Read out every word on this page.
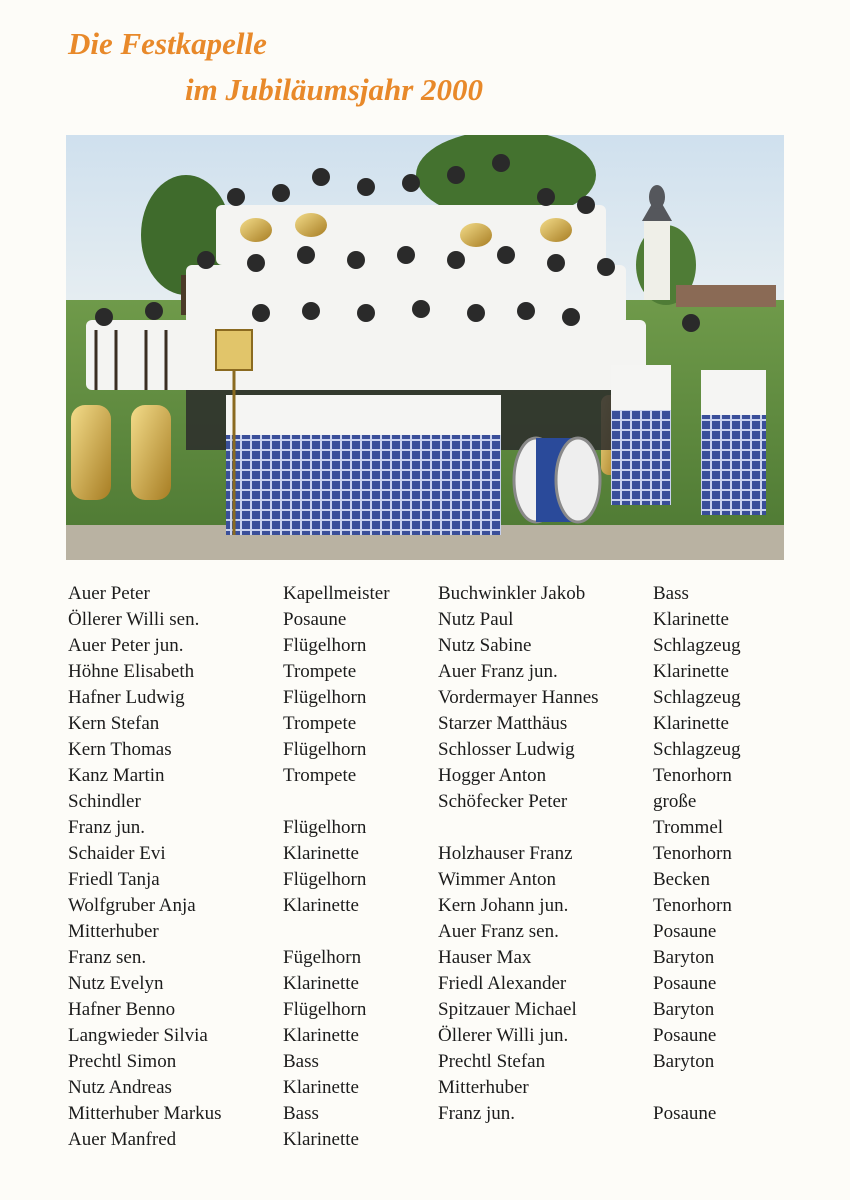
Die Festkapelle
im Jubiläumsjahr 2000
Auer Peter
Öllerer Willi sen.
Auer Peter jun.
Höhne Elisabeth
Hafner Ludwig
Kern Stefan
Kern Thomas
Kanz Martin
Schindler
Franz jun.
Schaider Evi
Friedl Tanja
Wolfgruber Anja
Mitterhuber
Franz sen.
Nutz Evelyn
Hafner Benno
Langwieder Silvia
Prechtl Simon
Nutz Andreas
Mitterhuber Markus
Auer Manfred
Kapellmeister
Posaune
Flügelhorn
Trompete
Flügelhorn
Trompete
Flügelhorn
Trompete
Flügelhorn
Klarinette
Flügelhorn
Klarinette
Fügelhorn
Klarinette
Flügelhorn
Klarinette
Bass
Klarinette
Bass
Klarinette
Buchwinkler Jakob
Nutz Paul
Nutz Sabine
Auer Franz jun.
Vordermayer Hannes
Starzer Matthäus
Schlosser Ludwig
Hogger Anton
Schöfecker Peter
Holzhauser Franz
Wimmer Anton
Kern Johann jun.
Auer Franz sen.
Hauser Max
Friedl Alexander
Spitzauer Michael
Öllerer Willi jun.
Prechtl Stefan
Mitterhuber
Franz jun.
Bass
Klarinette
Schlagzeug
Klarinette
Schlagzeug
Klarinette
Schlagzeug
Tenorhorn
große
Trommel
Tenorhorn
Becken
Tenorhorn
Posaune
Baryton
Posaune
Baryton
Posaune
Baryton
Posaune
